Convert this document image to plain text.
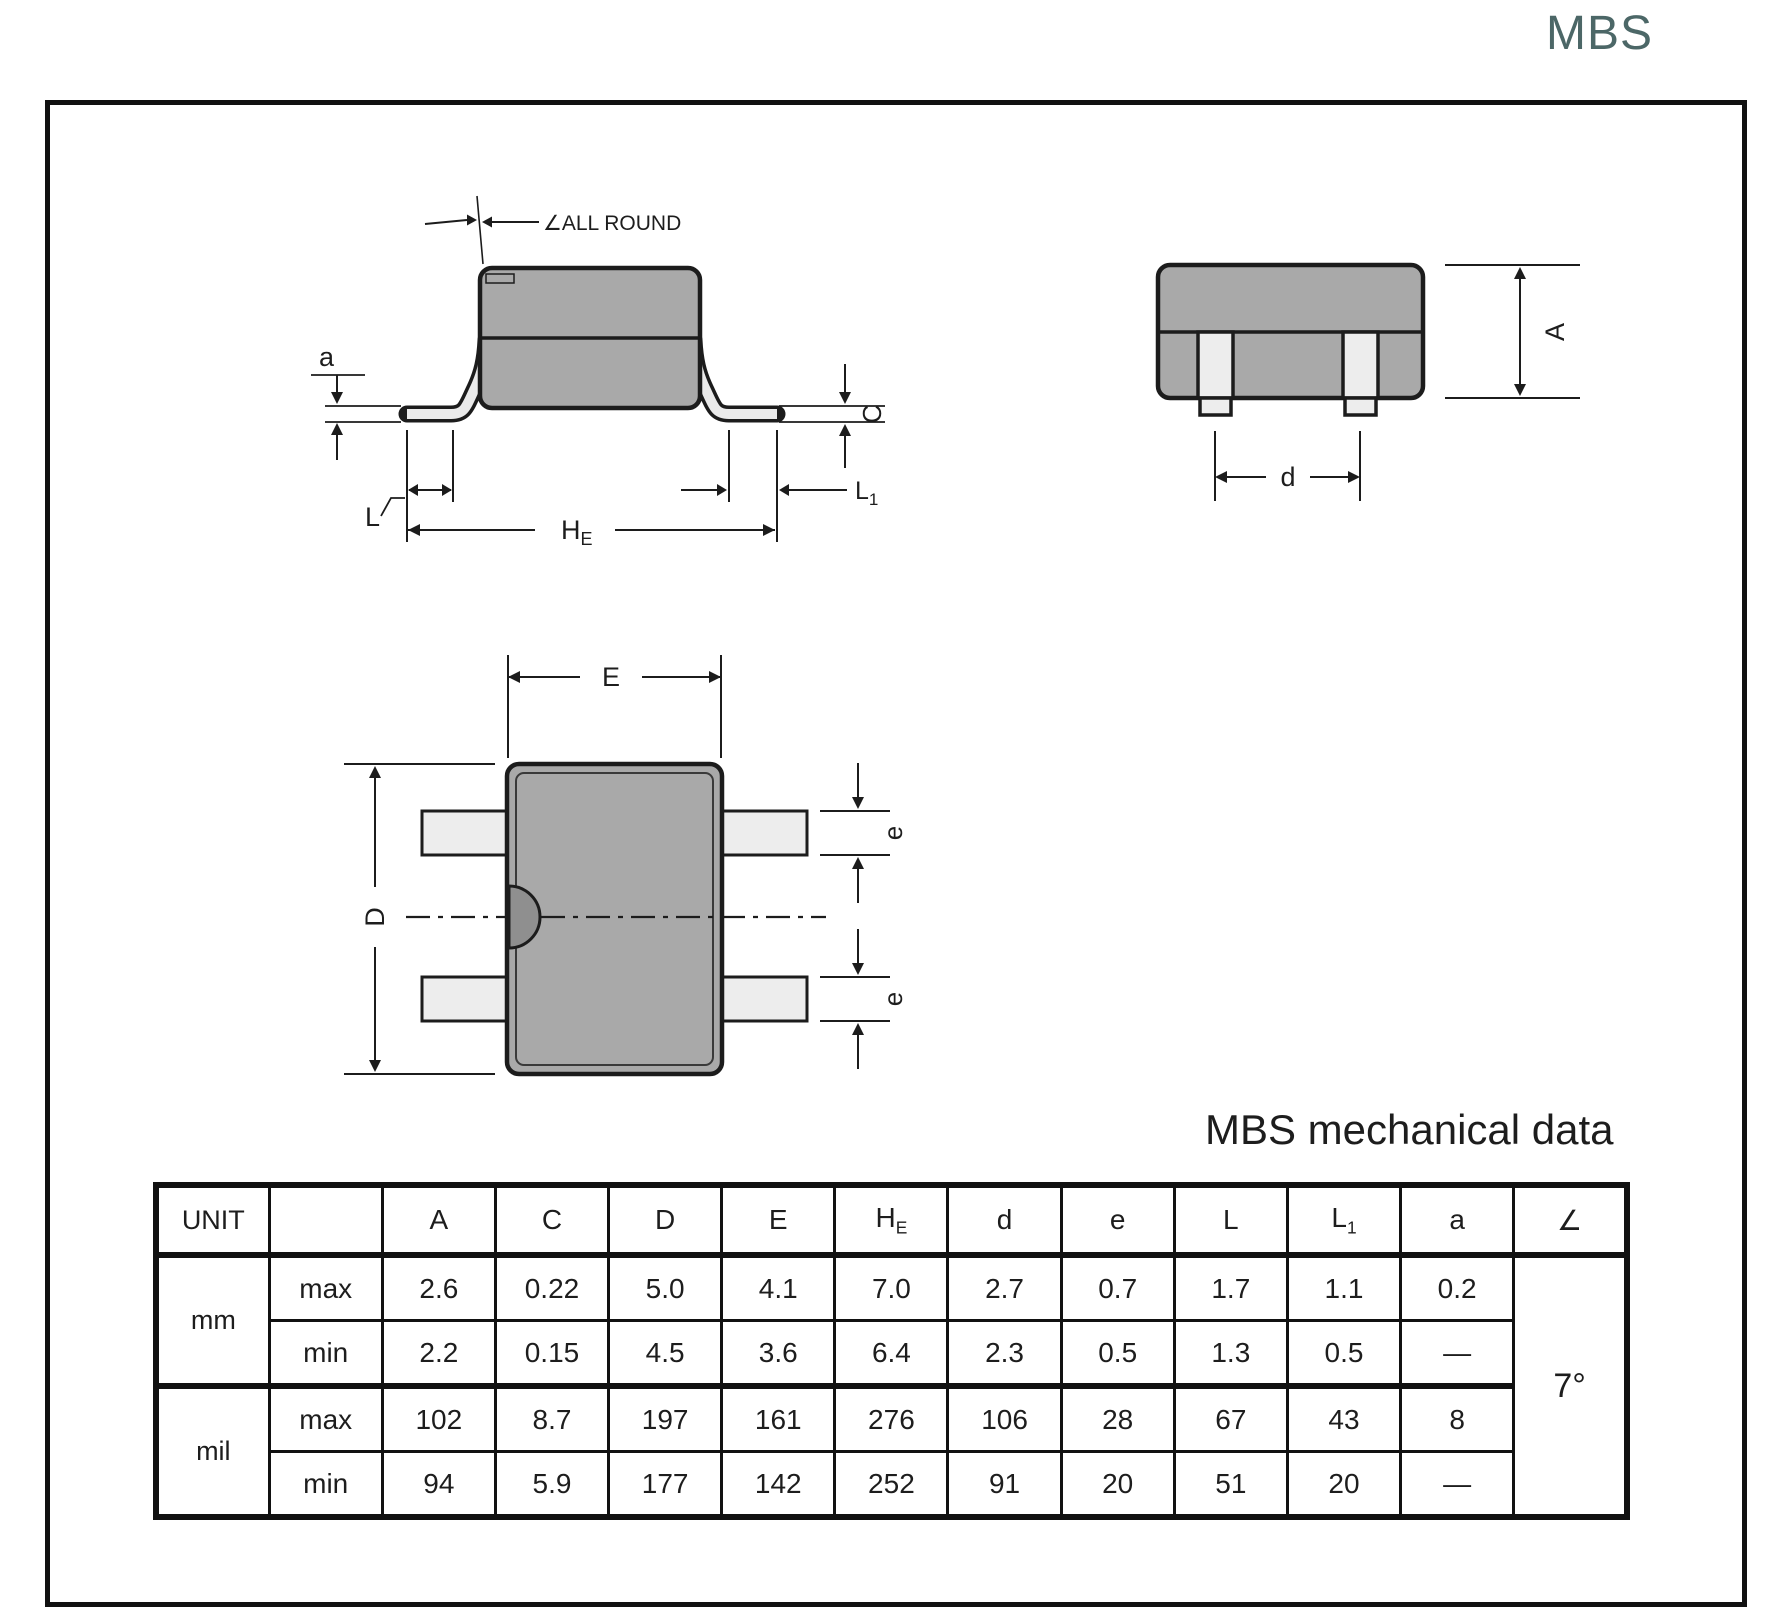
MBS
∠ALL ROUND
a
C
L
$L_1$
$H_E$
d
A
E
D
e
e
MBS mechanical data
UNIT		A	C	D	E	$H_E$	d	e	L	$L_1$	a	∠
mm	max	2.6	0.22	5.0	4.1	7.0	2.7	0.7	1.7	1.1	0.2	7°
	min	2.2	0.15	4.5	3.6	6.4	2.3	0.5	1.3	0.5	—	
mil	max	102	8.7	197	161	276	106	28	67	43	8	
	min	94	5.9	177	142	252	91	20	51	20	—	
